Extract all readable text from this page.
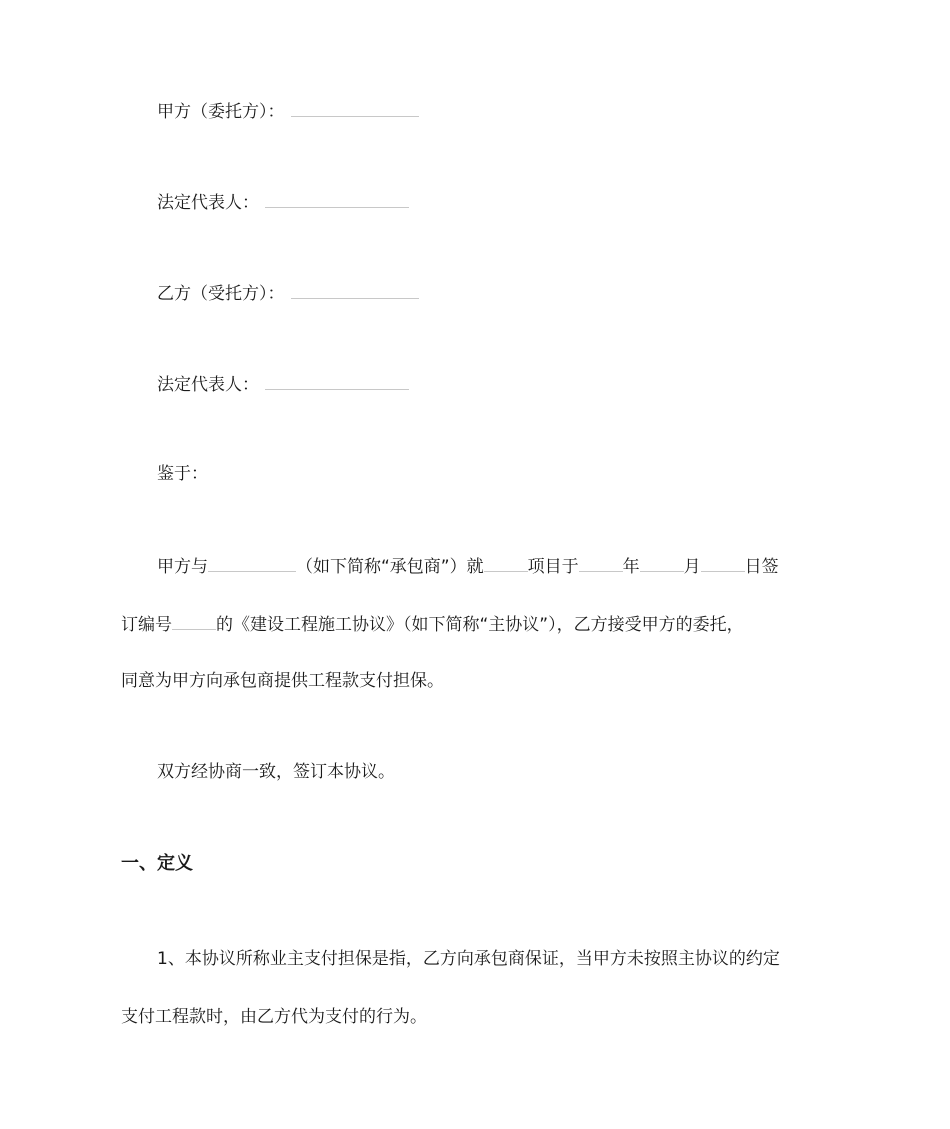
甲方（委托方）：
法定代表人：
乙方（受托方）：
法定代表人：
鉴于：
甲方与	（如下简称“承包商”）就	项目于	年	月	日签
订编号	的《建设工程施工协议》（如下简称“主协议”），乙方接受甲方的委托，
同意为甲方向承包商提供工程款支付担保。
双方经协商一致，签订本协议。
一、定义
1、本协议所称业主支付担保是指，乙方向承包商保证，当甲方未按照主协议的约定
支付工程款时，由乙方代为支付的行为。
